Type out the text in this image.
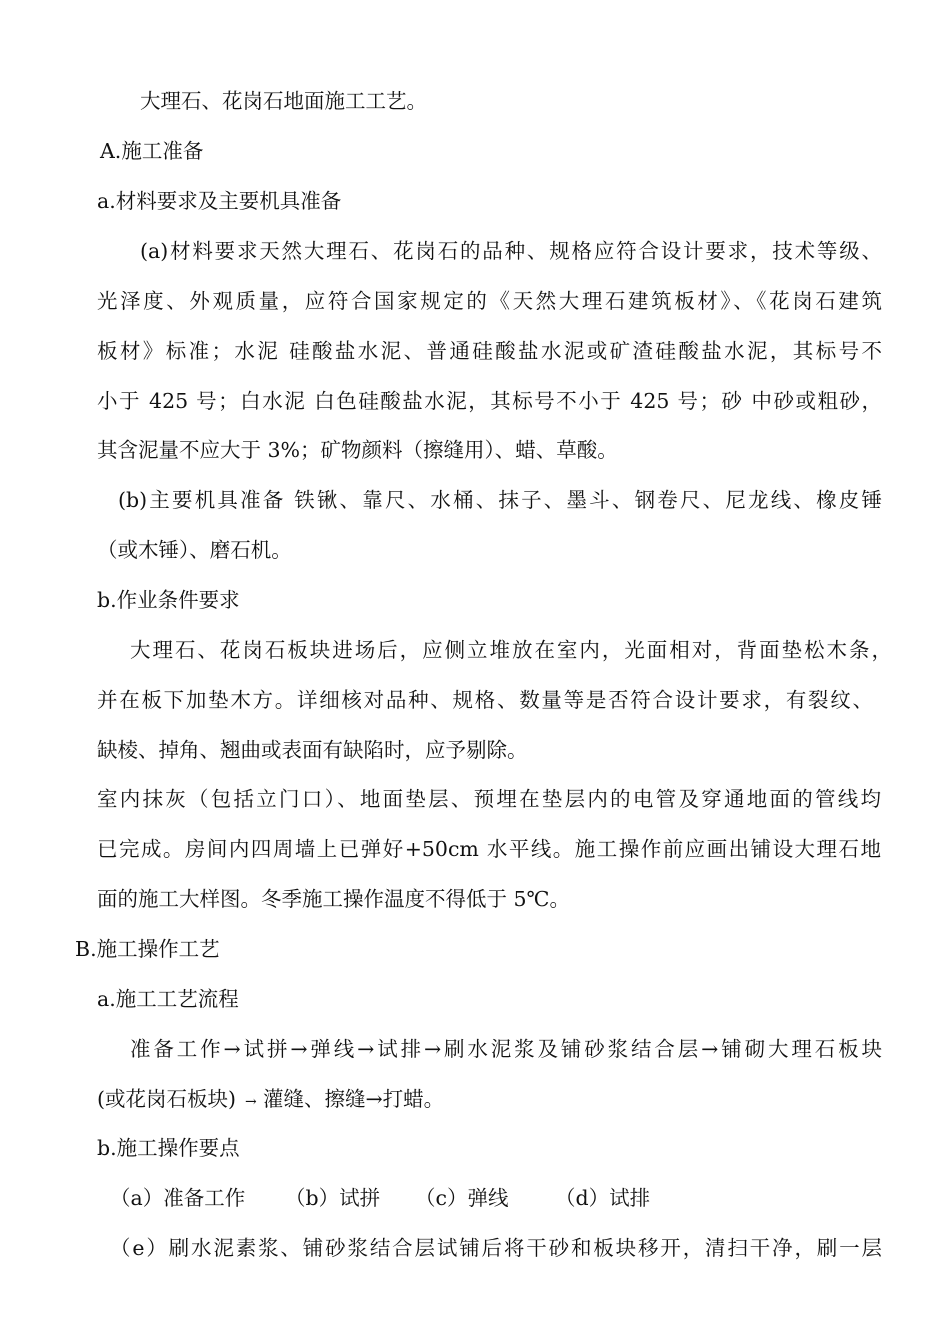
大理石、花岗石地面施工工艺。
A.施工准备
a.材料要求及主要机具准备
(a)材料要求天然大理石、花岗石的品种、规格应符合设计要求，技术等级、
光泽度、外观质量，应符合国家规定的《天然大理石建筑板材》、《花岗石建筑
板材》标准；水泥 硅酸盐水泥、普通硅酸盐水泥或矿渣硅酸盐水泥，其标号不
小于 425 号；白水泥 白色硅酸盐水泥，其标号不小于 425 号；砂 中砂或粗砂，
其含泥量不应大于 3%；矿物颜料（擦缝用）、蜡、草酸。
(b)主要机具准备 铁锹、靠尺、水桶、抹子、墨斗、钢卷尺、尼龙线、橡皮锤
（或木锤）、磨石机。
b.作业条件要求
大理石、花岗石板块进场后，应侧立堆放在室内，光面相对，背面垫松木条，
并在板下加垫木方。详细核对品种、规格、数量等是否符合设计要求，有裂纹、
缺棱、掉角、翘曲或表面有缺陷时，应予剔除。
室内抹灰（包括立门口）、地面垫层、预埋在垫层内的电管及穿通地面的管线均
已完成。房间内四周墙上已弹好+50cm 水平线。施工操作前应画出铺设大理石地
面的施工大样图。冬季施工操作温度不得低于 5℃。
B.施工操作工艺
a.施工工艺流程
准备工作→试拼→弹线→试排→刷水泥浆及铺砂浆结合层→铺砌大理石板块
(或花岗石板块) → 灌缝、擦缝→打蜡。
b.施工操作要点
（a）准备工作 （b）试拼 （c）弹线 （d）试排
（e）刷水泥素浆、铺砂浆结合层试铺后将干砂和板块移开，清扫干净，刷一层
